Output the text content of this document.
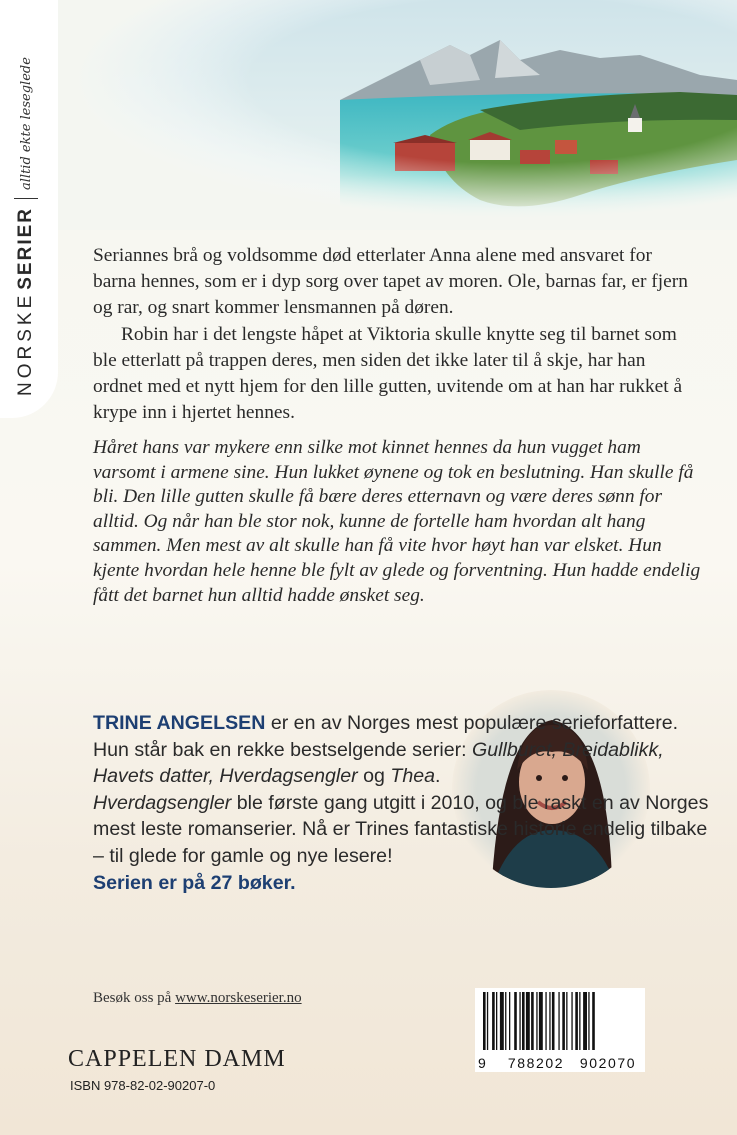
NORSKE
SERIER
alltid ekte leseglede

Seriannes brå og voldsomme død etterlater Anna alene med ansvaret for barna hennes, som er i dyp sorg over tapet av moren. Ole, barnas far, er fjern og rar, og snart kommer lensmannen på døren.

Robin har i det lengste håpet at Viktoria skulle knytte seg til barnet som ble etterlatt på trappen deres, men siden det ikke later til å skje, har han ordnet med et nytt hjem for den lille gutten, uvitende om at han har rukket å krype inn i hjertet hennes.

Håret hans var mykere enn silke mot kinnet hennes da hun vugget ham varsomt i armene sine. Hun lukket øynene og tok en beslutning. Han skulle få bli. Den lille gutten skulle få bære deres etternavn og være deres sønn for alltid. Og når han ble stor nok, kunne de fortelle ham hvordan alt hang sammen. Men mest av alt skulle han få vite hvor høyt han var elsket. Hun kjente hvordan hele henne ble fylt av glede og forventning. Hun hadde endelig fått det barnet hun alltid hadde ønsket seg.
TRINE ANGELSEN er en av Norges mest populære serieforfattere. Hun står bak en rekke bestselgende serier: Gullburet, Breidablikk, Havets datter, Hverdagsengler og Thea.
Hverdagsengler ble første gang utgitt i 2010, og ble raskt en av Norges mest leste romanserier. Nå er Trines fantastiske historie endelig tilbake – til glede for gamle og nye lesere!
Serien er på 27 bøker.
Besøk oss på www.norskeserier.no
CAPPELEN DAMM
ISBN 978-82-02-90207-0
9	788202	902070
